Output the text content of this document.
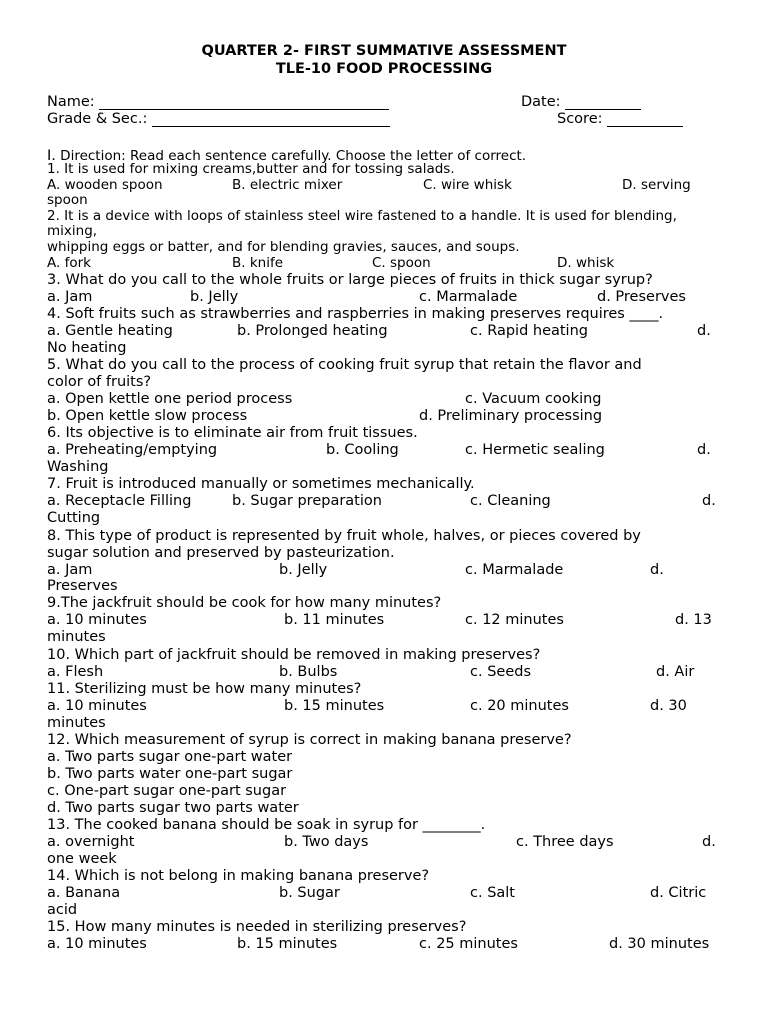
QUARTER 2- FIRST SUMMATIVE ASSESSMENT
TLE-10 FOOD PROCESSING
Name:	Date:
Grade & Sec.:	Score:
I. Direction: Read each sentence carefully. Choose the letter of correct.
1. It is used for mixing creams,butter and for tossing salads.
A. wooden spoon	B. electric mixer	C. wire whisk	D. serving
spoon
2. It is a device with loops of stainless steel wire fastened to a handle. It is used for blending,
mixing,
whipping eggs or batter, and for blending gravies, sauces, and soups.
A. fork	B. knife	C. spoon	D. whisk
3. What do you call to the whole fruits or large pieces of fruits in thick sugar syrup?
a. Jam	b. Jelly	c. Marmalade	d. Preserves
4. Soft fruits such as strawberries and raspberries in making preserves requires ____.
a. Gentle heating	b. Prolonged heating	c. Rapid heating	d.
No heating
5. What do you call to the process of cooking fruit syrup that retain the flavor and
color of fruits?
a. Open kettle one period process	c. Vacuum cooking
b. Open kettle slow process	d. Preliminary processing
6. Its objective is to eliminate air from fruit tissues.
a. Preheating/emptying	b. Cooling	c. Hermetic sealing	d.
Washing
7. Fruit is introduced manually or sometimes mechanically.
a. Receptacle Filling	b. Sugar preparation	c. Cleaning	d.
Cutting
8. This type of product is represented by fruit whole, halves, or pieces covered by
sugar solution and preserved by pasteurization.
a. Jam	b. Jelly	c. Marmalade	d.
Preserves
9.The jackfruit should be cook for how many minutes?
a. 10 minutes	b. 11 minutes	c. 12 minutes	d. 13
minutes
10. Which part of jackfruit should be removed in making preserves?
a. Flesh	b. Bulbs	c. Seeds	d. Air
11. Sterilizing must be how many minutes?
a. 10 minutes	b. 15 minutes	c. 20 minutes	d. 30
minutes
12. Which measurement of syrup is correct in making banana preserve?
a. Two parts sugar one-part water
b. Two parts water one-part sugar
c. One-part sugar one-part sugar
d. Two parts sugar two parts water
13. The cooked banana should be soak in syrup for ________.
a. overnight	b. Two days	c. Three days	d.
one week
14. Which is not belong in making banana preserve?
a. Banana	b. Sugar	c. Salt	d. Citric
acid
15. How many minutes is needed in sterilizing preserves?
a. 10 minutes	b. 15 minutes	c. 25 minutes	d. 30 minutes
